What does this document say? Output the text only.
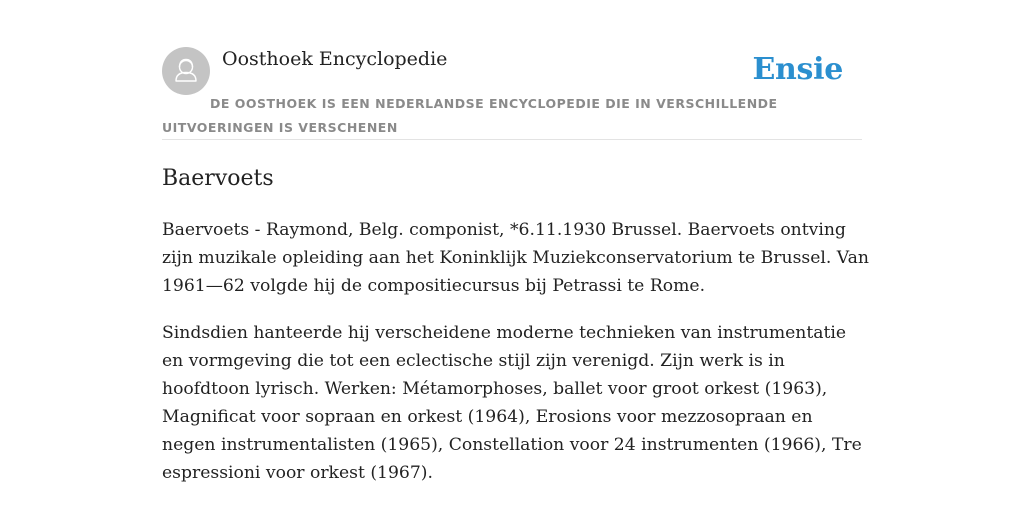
Oosthoek Encyclopedie	Ensie
DE OOSTHOEK IS EEN NEDERLANDSE ENCYCLOPEDIE DIE IN VERSCHILLENDE UITVOERINGEN IS VERSCHENEN
Baervoets

Baervoets - Raymond, Belg. componist, *6.11.1930 Brussel. Baervoets ontving zijn muzikale opleiding aan het Koninklijk Muziekconservatorium te Brussel. Van 1961—62 volgde hij de compositiecursus bij Petrassi te Rome.

Sindsdien hanteerde hij verscheidene moderne technieken van instrumentatie en vormgeving die tot een eclectische stijl zijn verenigd. Zijn werk is in hoofdtoon lyrisch. Werken: Métamorphoses, ballet voor groot orkest (1963), Magnificat voor sopraan en orkest (1964), Erosions voor mezzosopraan en negen instrumentalisten (1965), Constellation voor 24 instrumenten (1966), Tre espressioni voor orkest (1967).
